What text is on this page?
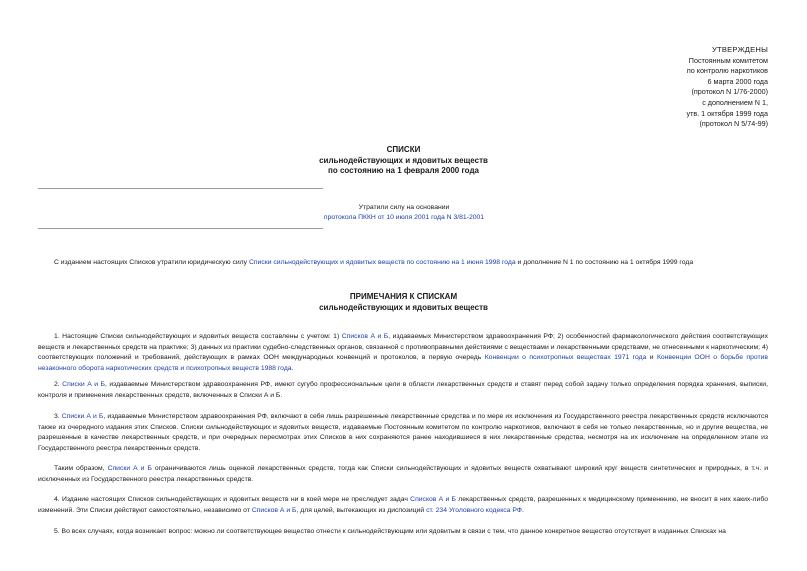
УТВЕРЖДЕНЫ
Постоянным комитетом
по контролю наркотиков
6 марта 2000 года
(протокол N 1/76-2000)
с дополнением N 1,
утв. 1 октября 1999 года
(протокол N 5/74-99)
СПИСКИ
сильнодействующих и ядовитых веществ
по состоянию на 1 февраля 2000 года
Утратили силу на основании
протокола ПККН от 10 июля 2001 года N 3/81-2001
С изданием настоящих Списков утратили юридическую силу Списки сильнодействующих и ядовитых веществ по состоянию на 1 июня 1998 года и дополнение N 1 по состоянию на 1 октября 1999 года
ПРИМЕЧАНИЯ К СПИСКАМ
сильнодействующих и ядовитых веществ
1. Настоящие Списки сильнодействующих и ядовитых веществ составлены с учетом: 1) Списков А и Б, издаваемых Министерством здравоохранения РФ; 2) особенностей фармакологического действия соответствующих веществ и лекарственных средств на практике; 3) данных из практики судебно-следственных органов, связанной с противоправными действиями с веществами и лекарственными средствами, не отнесенными к наркотическим; 4) соответствующих положений и требований, действующих в рамках ООН международных конвенций и протоколов, в первую очередь Конвенции о психотропных веществах 1971 года и Конвенции ООН о борьбе против незаконного оборота наркотических средств и психотропных веществ 1988 года.
2. Списки А и Б, издаваемые Министерством здравоохранения РФ, имеют сугубо профессиональные цели в области лекарственных средств и ставят перед собой задачу только определения порядка хранения, выписки, контроля и применения лекарственных средств, включенных в Списки А и Б.
3. Списки А и Б, издаваемые Министерством здравоохранения РФ, включают в себя лишь разрешенные лекарственные средства и по мере их исключения из Государственного реестра лекарственных средств исключаются также из очередного издания этих Списков. Списки сильнодействующих и ядовитых веществ, издаваемые Постоянным комитетом по контролю наркотиков, включают в себя не только лекарственные, но и другие вещества, не разрешенные в качестве лекарственных средств, и при очередных пересмотрах этих Списков в них сохраняются ранее находившиеся в них лекарственные средства, несмотря на их исключение на определенном этапе из Государственного реестра лекарственных средств.
Таким образом, Списки А и Б ограничиваются лишь оценкой лекарственных средств, тогда как Списки сильнодействующих и ядовитых веществ охватывают широкий круг веществ синтетических и природных, в т.ч. и исключенных из Государственного реестра лекарственных средств.
4. Издание настоящих Списков сильнодействующих и ядовитых веществ ни в коей мере не преследует задач Списков А и Б лекарственных средств, разрешенных к медицинскому применению, не вносит в них каких-либо изменений. Эти Списки действуют самостоятельно, независимо от Списков А и Б, для целей, вытекающих из диспозиций ст. 234 Уголовного кодекса РФ.
5. Во всех случаях, когда возникает вопрос: можно ли соответствующее вещество отнести к сильнодействующим или ядовитым в связи с тем, что данное конкретное вещество отсутствует в изданных Списках на
